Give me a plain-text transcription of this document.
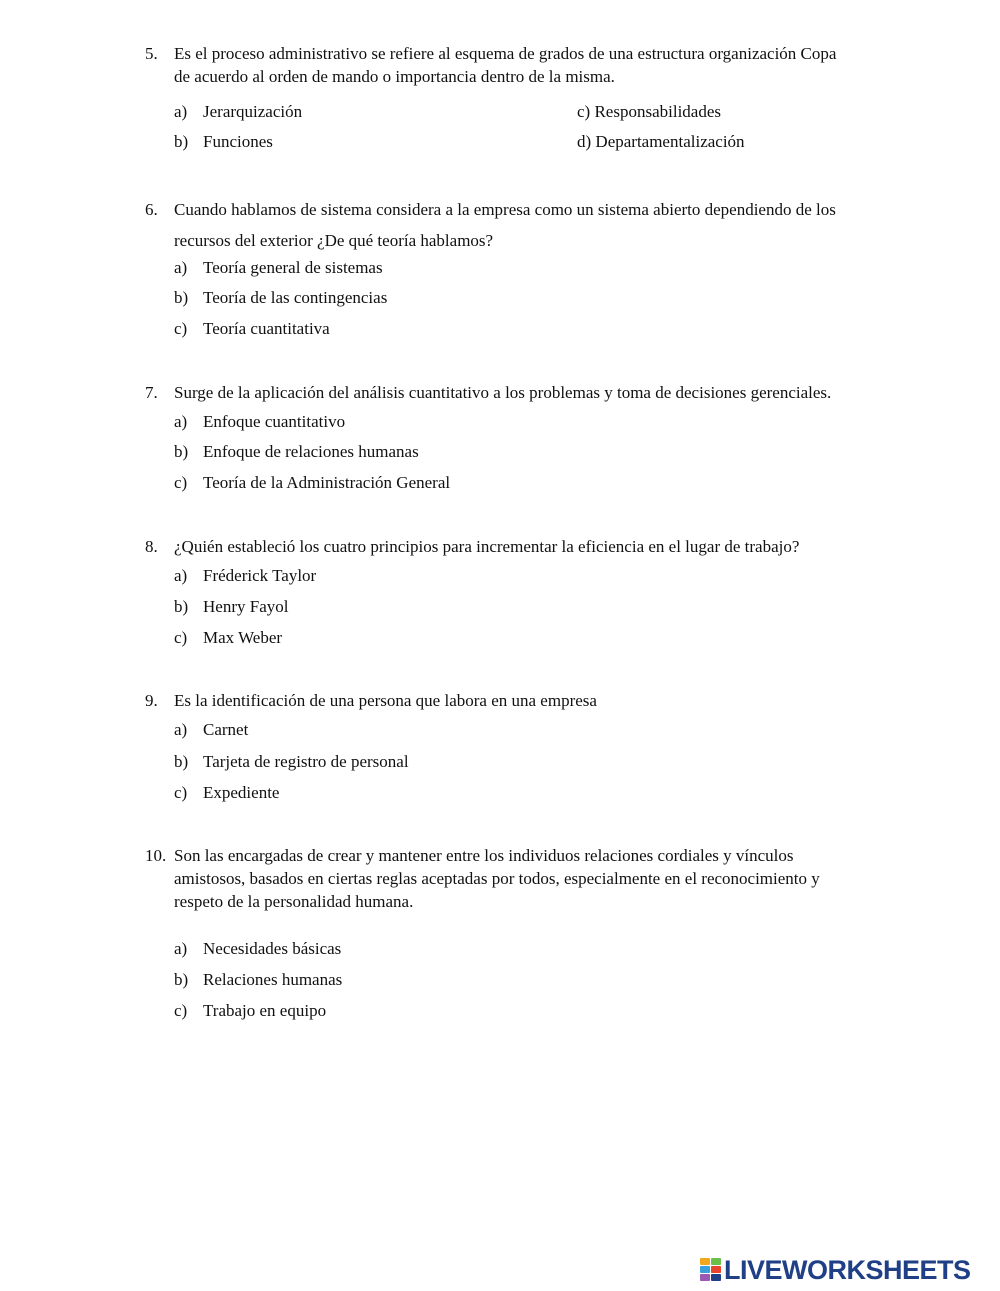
5. Es el proceso administrativo se refiere al esquema de grados de una estructura organización Copa
de acuerdo al orden de mando o importancia dentro de la misma.
a) Jerarquización
b) Funciones
c) Responsabilidades
d) Departamentalización
6. Cuando hablamos de sistema considera a la empresa como un sistema abierto dependiendo de los
recursos del exterior ¿De qué teoría hablamos?
a) Teoría general de sistemas
b) Teoría de las contingencias
c) Teoría cuantitativa
7. Surge de la aplicación del análisis cuantitativo a los problemas y toma de decisiones gerenciales.
a) Enfoque cuantitativo
b) Enfoque de relaciones humanas
c) Teoría de la Administración General
8. ¿Quién estableció los cuatro principios para incrementar la eficiencia en el lugar de trabajo?
a) Fréderick Taylor
b) Henry Fayol
c) Max Weber
9. Es la identificación de una persona que labora en una empresa
a) Carnet
b) Tarjeta de registro de personal
c) Expediente
10. Son las encargadas de crear y mantener entre los individuos relaciones cordiales y vínculos
amistosos, basados en ciertas reglas aceptadas por todos, especialmente en el reconocimiento y
respeto de la personalidad humana.
a) Necesidades básicas
b) Relaciones humanas
c) Trabajo en equipo
LIVEWORKSHEETS
